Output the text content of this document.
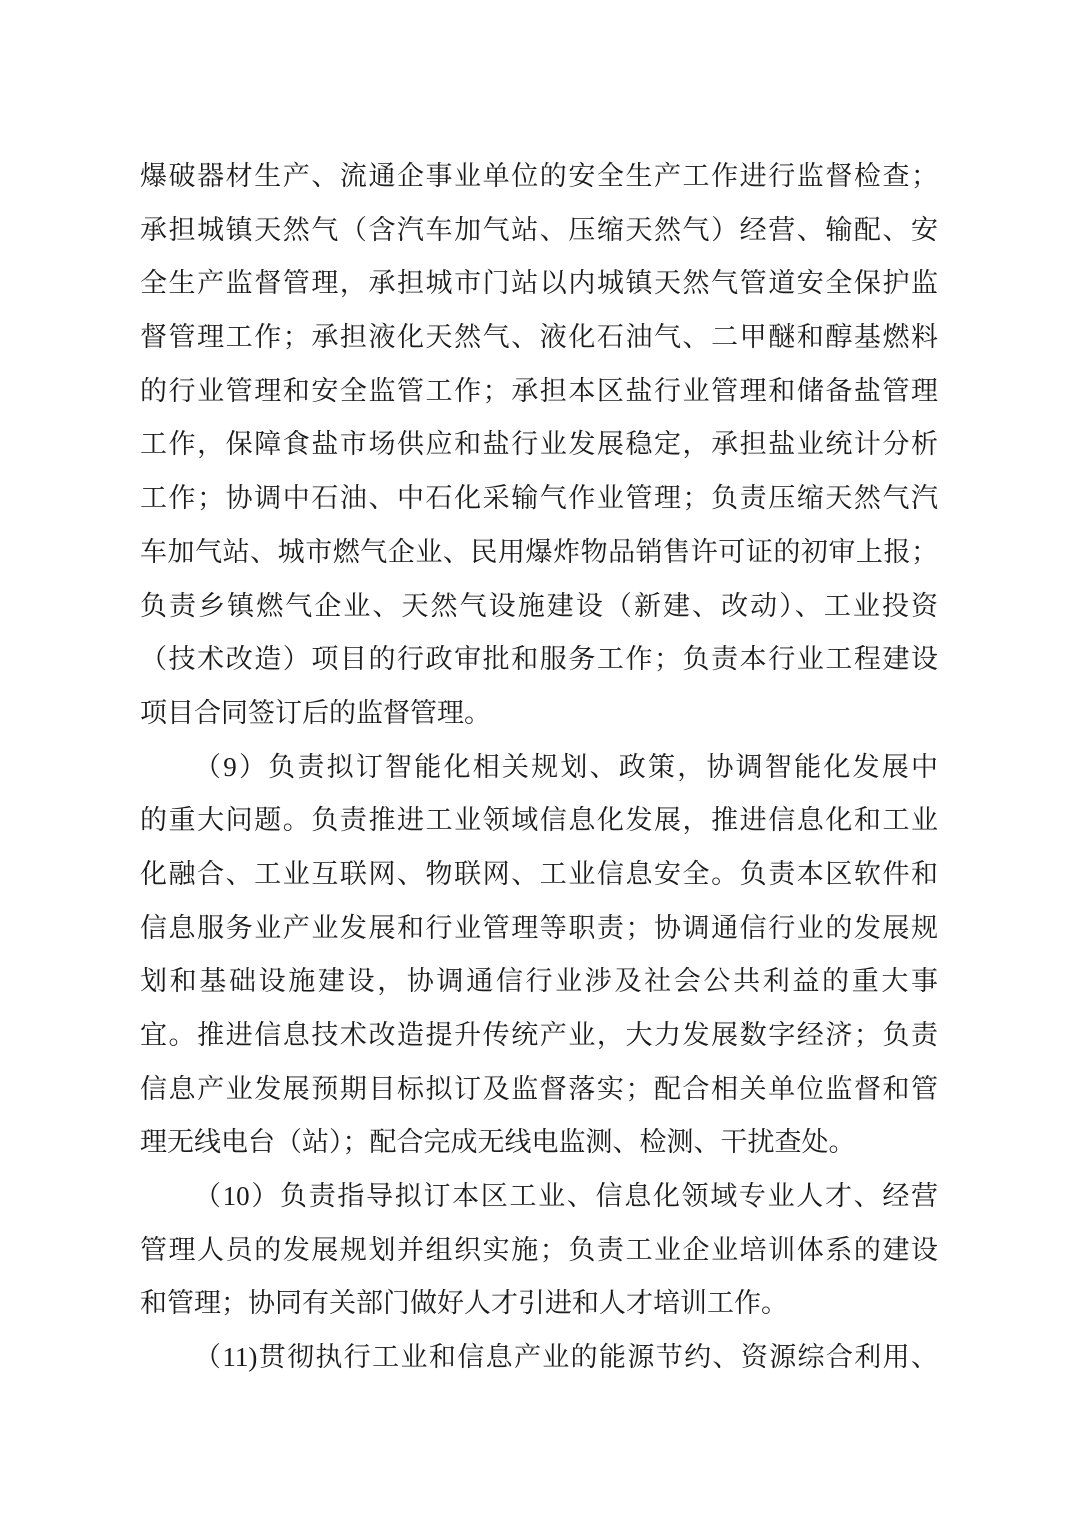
爆破器材生产、流通企事业单位的安全生产工作进行监督检查；
承担城镇天然气（含汽车加气站、压缩天然气）经营、输配、安
全生产监督管理，承担城市门站以内城镇天然气管道安全保护监
督管理工作；承担液化天然气、液化石油气、二甲醚和醇基燃料
的行业管理和安全监管工作；承担本区盐行业管理和储备盐管理
工作，保障食盐市场供应和盐行业发展稳定，承担盐业统计分析
工作；协调中石油、中石化采输气作业管理；负责压缩天然气汽
车加气站、城市燃气企业、民用爆炸物品销售许可证的初审上报；
负责乡镇燃气企业、天然气设施建设（新建、改动）、工业投资
（技术改造）项目的行政审批和服务工作；负责本行业工程建设
项目合同签订后的监督管理。
（9）负责拟订智能化相关规划、政策，协调智能化发展中
的重大问题。负责推进工业领域信息化发展，推进信息化和工业
化融合、工业互联网、物联网、工业信息安全。负责本区软件和
信息服务业产业发展和行业管理等职责；协调通信行业的发展规
划和基础设施建设，协调通信行业涉及社会公共利益的重大事
宜。推进信息技术改造提升传统产业，大力发展数字经济；负责
信息产业发展预期目标拟订及监督落实；配合相关单位监督和管
理无线电台（站）；配合完成无线电监测、检测、干扰查处。
（10）负责指导拟订本区工业、信息化领域专业人才、经营
管理人员的发展规划并组织实施；负责工业企业培训体系的建设
和管理；协同有关部门做好人才引进和人才培训工作。
（11)贯彻执行工业和信息产业的能源节约、资源综合利用、
